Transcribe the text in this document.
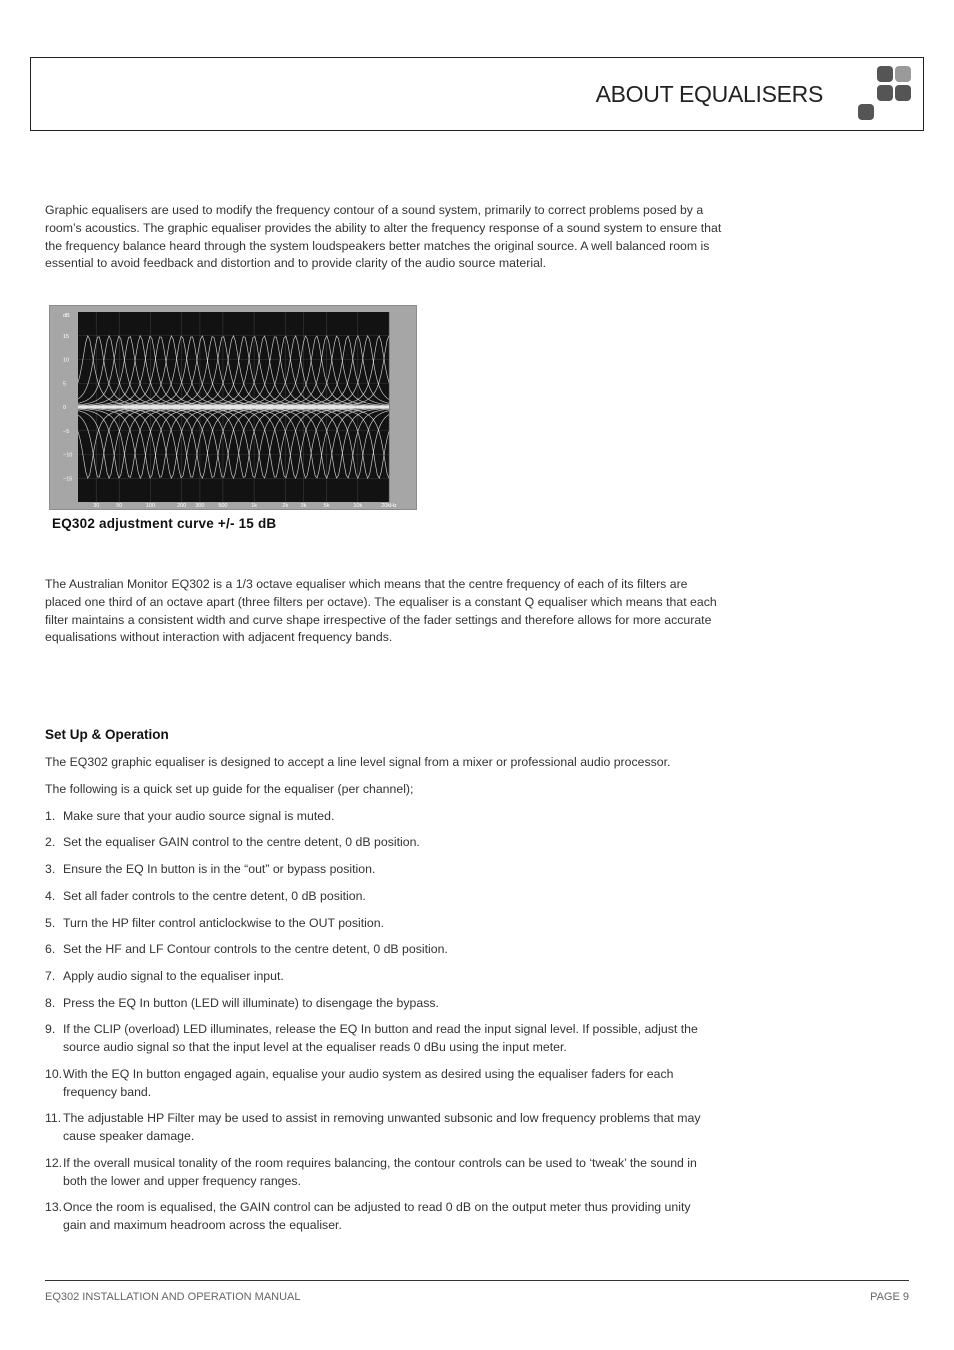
ABOUT EQUALISERS
Graphic equalisers are used to modify the frequency contour of a sound system, primarily to correct problems posed by a room’s acoustics. The graphic equaliser provides the ability to alter the frequency response of a sound system to ensure that the frequency balance heard through the system loudspeakers better matches the original source. A well balanced room is essential to avoid feedback and distortion and to provide clarity of the audio source material.
15
10
5
0
−5
−10
−15
30	50	100	200 300	500	1k	2k 3k	5k	10k	20kHz
dB
EQ302 adjustment curve +/- 15 dB
The Australian Monitor EQ302 is a 1/3 octave equaliser which means that the centre frequency of each of its filters are placed one third of an octave apart (three filters per octave). The equaliser is a constant Q equaliser which means that each filter maintains a consistent width and curve shape irrespective of the fader settings and therefore allows for more accurate equalisations without interaction with adjacent frequency bands.
Set Up & Operation
The EQ302 graphic equaliser is designed to accept a line level signal from a mixer or professional audio processor.
The following is a quick set up guide for the equaliser (per channel);
1. Make sure that your audio source signal is muted.
2. Set the equaliser GAIN control to the centre detent, 0 dB position.
3. Ensure the EQ In button is in the “out” or bypass position.
4. Set all fader controls to the centre detent, 0 dB position.
5. Turn the HP filter control anticlockwise to the OUT position.
6. Set the HF and LF Contour controls to the centre detent, 0 dB position.
7. Apply audio signal to the equaliser input.
8. Press the EQ In button (LED will illuminate) to disengage the bypass.
9. If the CLIP (overload) LED illuminates, release the EQ In button and read the input signal level. If possible, adjust the source audio signal so that the input level at the equaliser reads 0 dBu using the input meter.
10. With the EQ In button engaged again, equalise your audio system as desired using the equaliser faders for each frequency band.
11. The adjustable HP Filter may be used to assist in removing unwanted subsonic and low frequency problems that may cause speaker damage.
12. If the overall musical tonality of the room requires balancing, the contour controls can be used to ‘tweak’ the sound in both the lower and upper frequency ranges.
13. Once the room is equalised, the GAIN control can be adjusted to read 0 dB on the output meter thus providing unity gain and maximum headroom across the equaliser.
EQ302 INSTALLATION AND OPERATION MANUAL	PAGE 9
